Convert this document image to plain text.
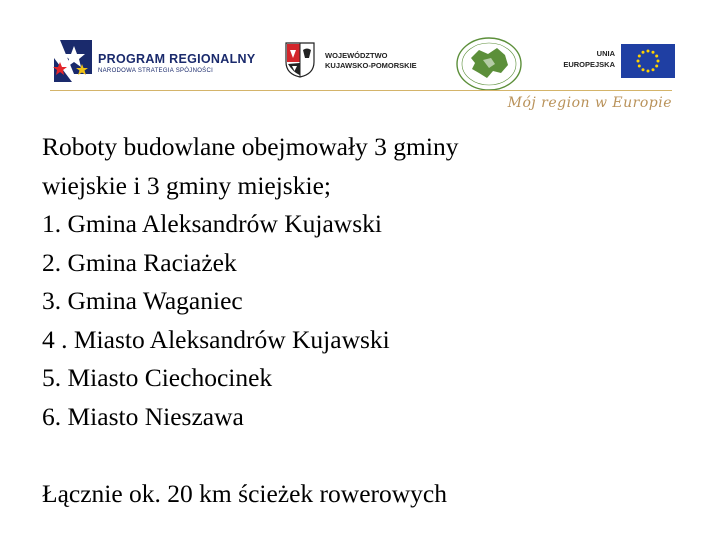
PROGRAM REGIONALNY
NARODOWA STRATEGIA SPÓJNOŚCI
WOJEWÓDZTWO
KUJAWSKO-POMORSKIE
UNIA
EUROPEJSKA
Mój region w Europie

Roboty budowlane obejmowały 3 gminy

wiejskie i 3 gminy miejskie;

1. Gmina Aleksandrów Kujawski

2. Gmina Raciażek

3. Gmina Waganiec

4 . Miasto Aleksandrów Kujawski

5. Miasto Ciechocinek

6. Miasto Nieszawa

Łącznie ok. 20 km ścieżek rowerowych
